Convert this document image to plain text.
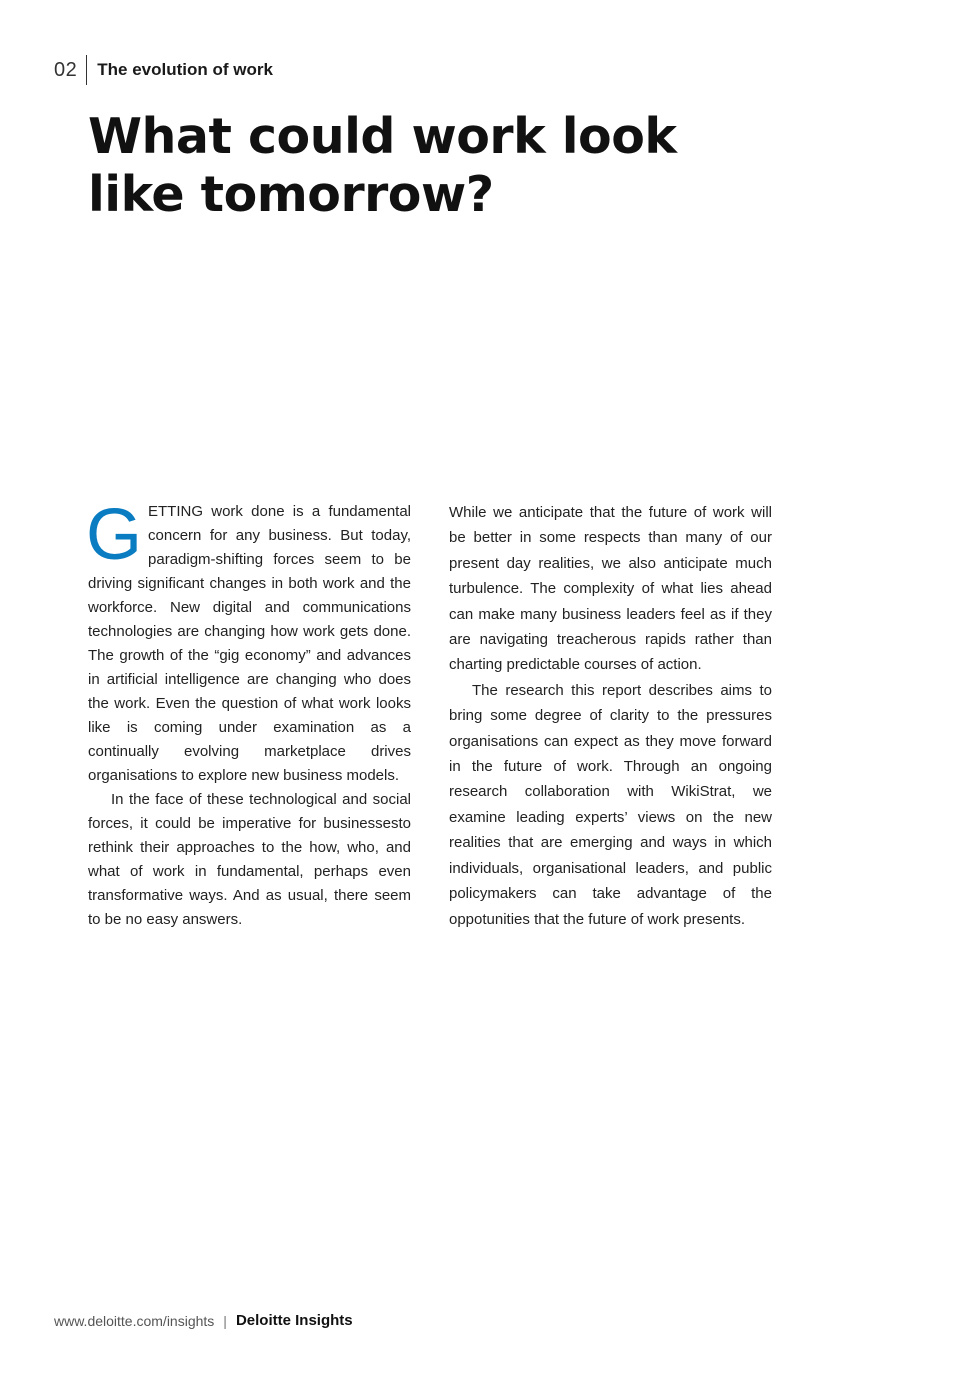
02	The evolution of work
What could work look
like tomorrow?

GETTING work done is a fundamental concern for any business. But today, paradigm-shifting forces seem to be driving significant changes in both work and the workforce. New digital and communications technologies are changing how work gets done. The growth of the “gig economy” and advances in artificial intelligence are changing who does the work. Even the question of what work looks like is coming under examination as a continually evolving marketplace drives organisations to explore new business models.

In the face of these technological and social forces, it could be imperative for businessesto rethink their approaches to the how, who, and what of work in fundamental, perhaps even transformative ways. And as usual, there seem to be no easy answers.

While we anticipate that the future of work will be better in some respects than many of our present day realities, we also anticipate much turbulence. The complexity of what lies ahead can make many business leaders feel as if they are navigating treacherous rapids rather than charting predictable courses of action.

The research this report describes aims to bring some degree of clarity to the pressures organisations can expect as they move forward in the future of work. Through an ongoing research collaboration with WikiStrat, we examine leading experts’ views on the new realities that are emerging and ways in which individuals, organisational leaders, and public policymakers can take advantage of the oppotunities that the future of work presents.

www.deloitte.com/insights | Deloitte Insights
